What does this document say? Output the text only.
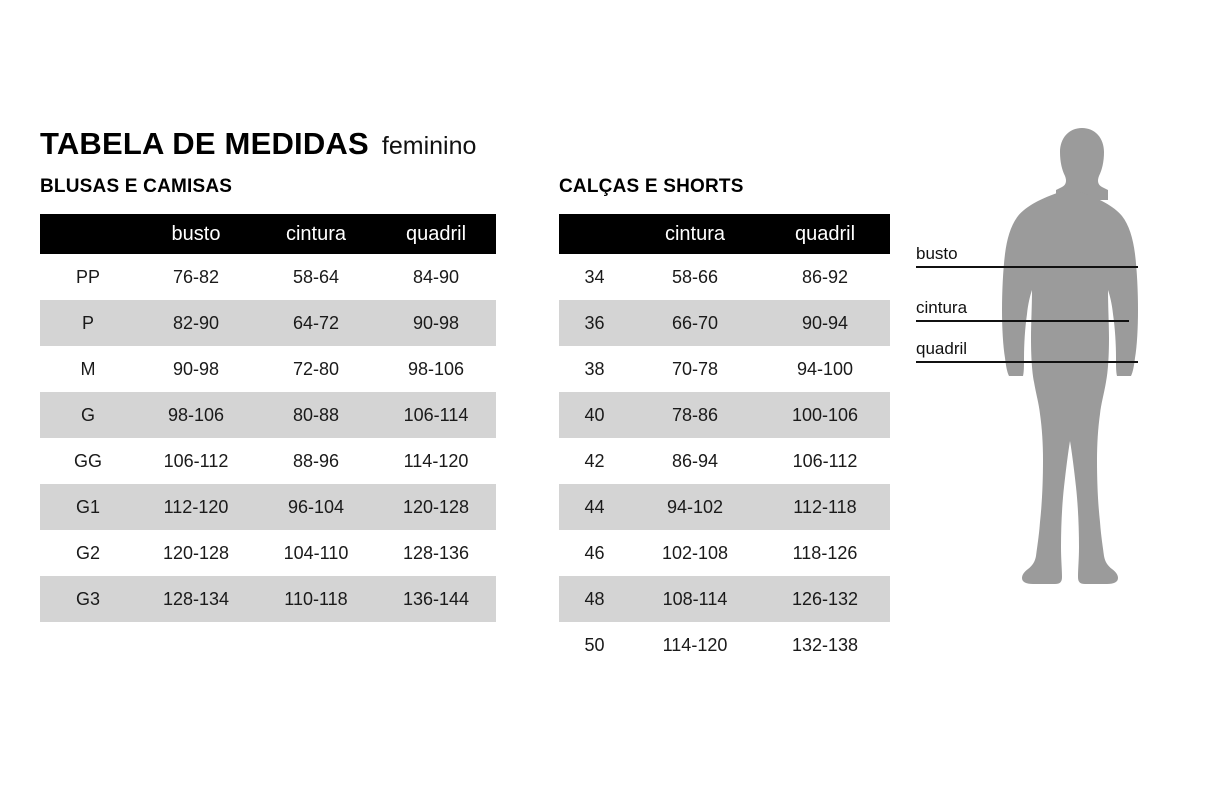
TABELA DE MEDIDAS feminino
BLUSAS E CAMISAS	CALÇAS E SHORTS
	busto	cintura	quadril
PP	76-82	58-64	84-90
P	82-90	64-72	90-98
M	90-98	72-80	98-106
G	98-106	80-88	106-114
GG	106-112	88-96	114-120
G1	112-120	96-104	120-128
G2	120-128	104-110	128-136
G3	128-134	110-118	136-144
	cintura	quadril
34	58-66	86-92
36	66-70	90-94
38	70-78	94-100
40	78-86	100-106
42	86-94	106-112
44	94-102	112-118
46	102-108	118-126
48	108-114	126-132
50	114-120	132-138
busto
cintura
quadril
